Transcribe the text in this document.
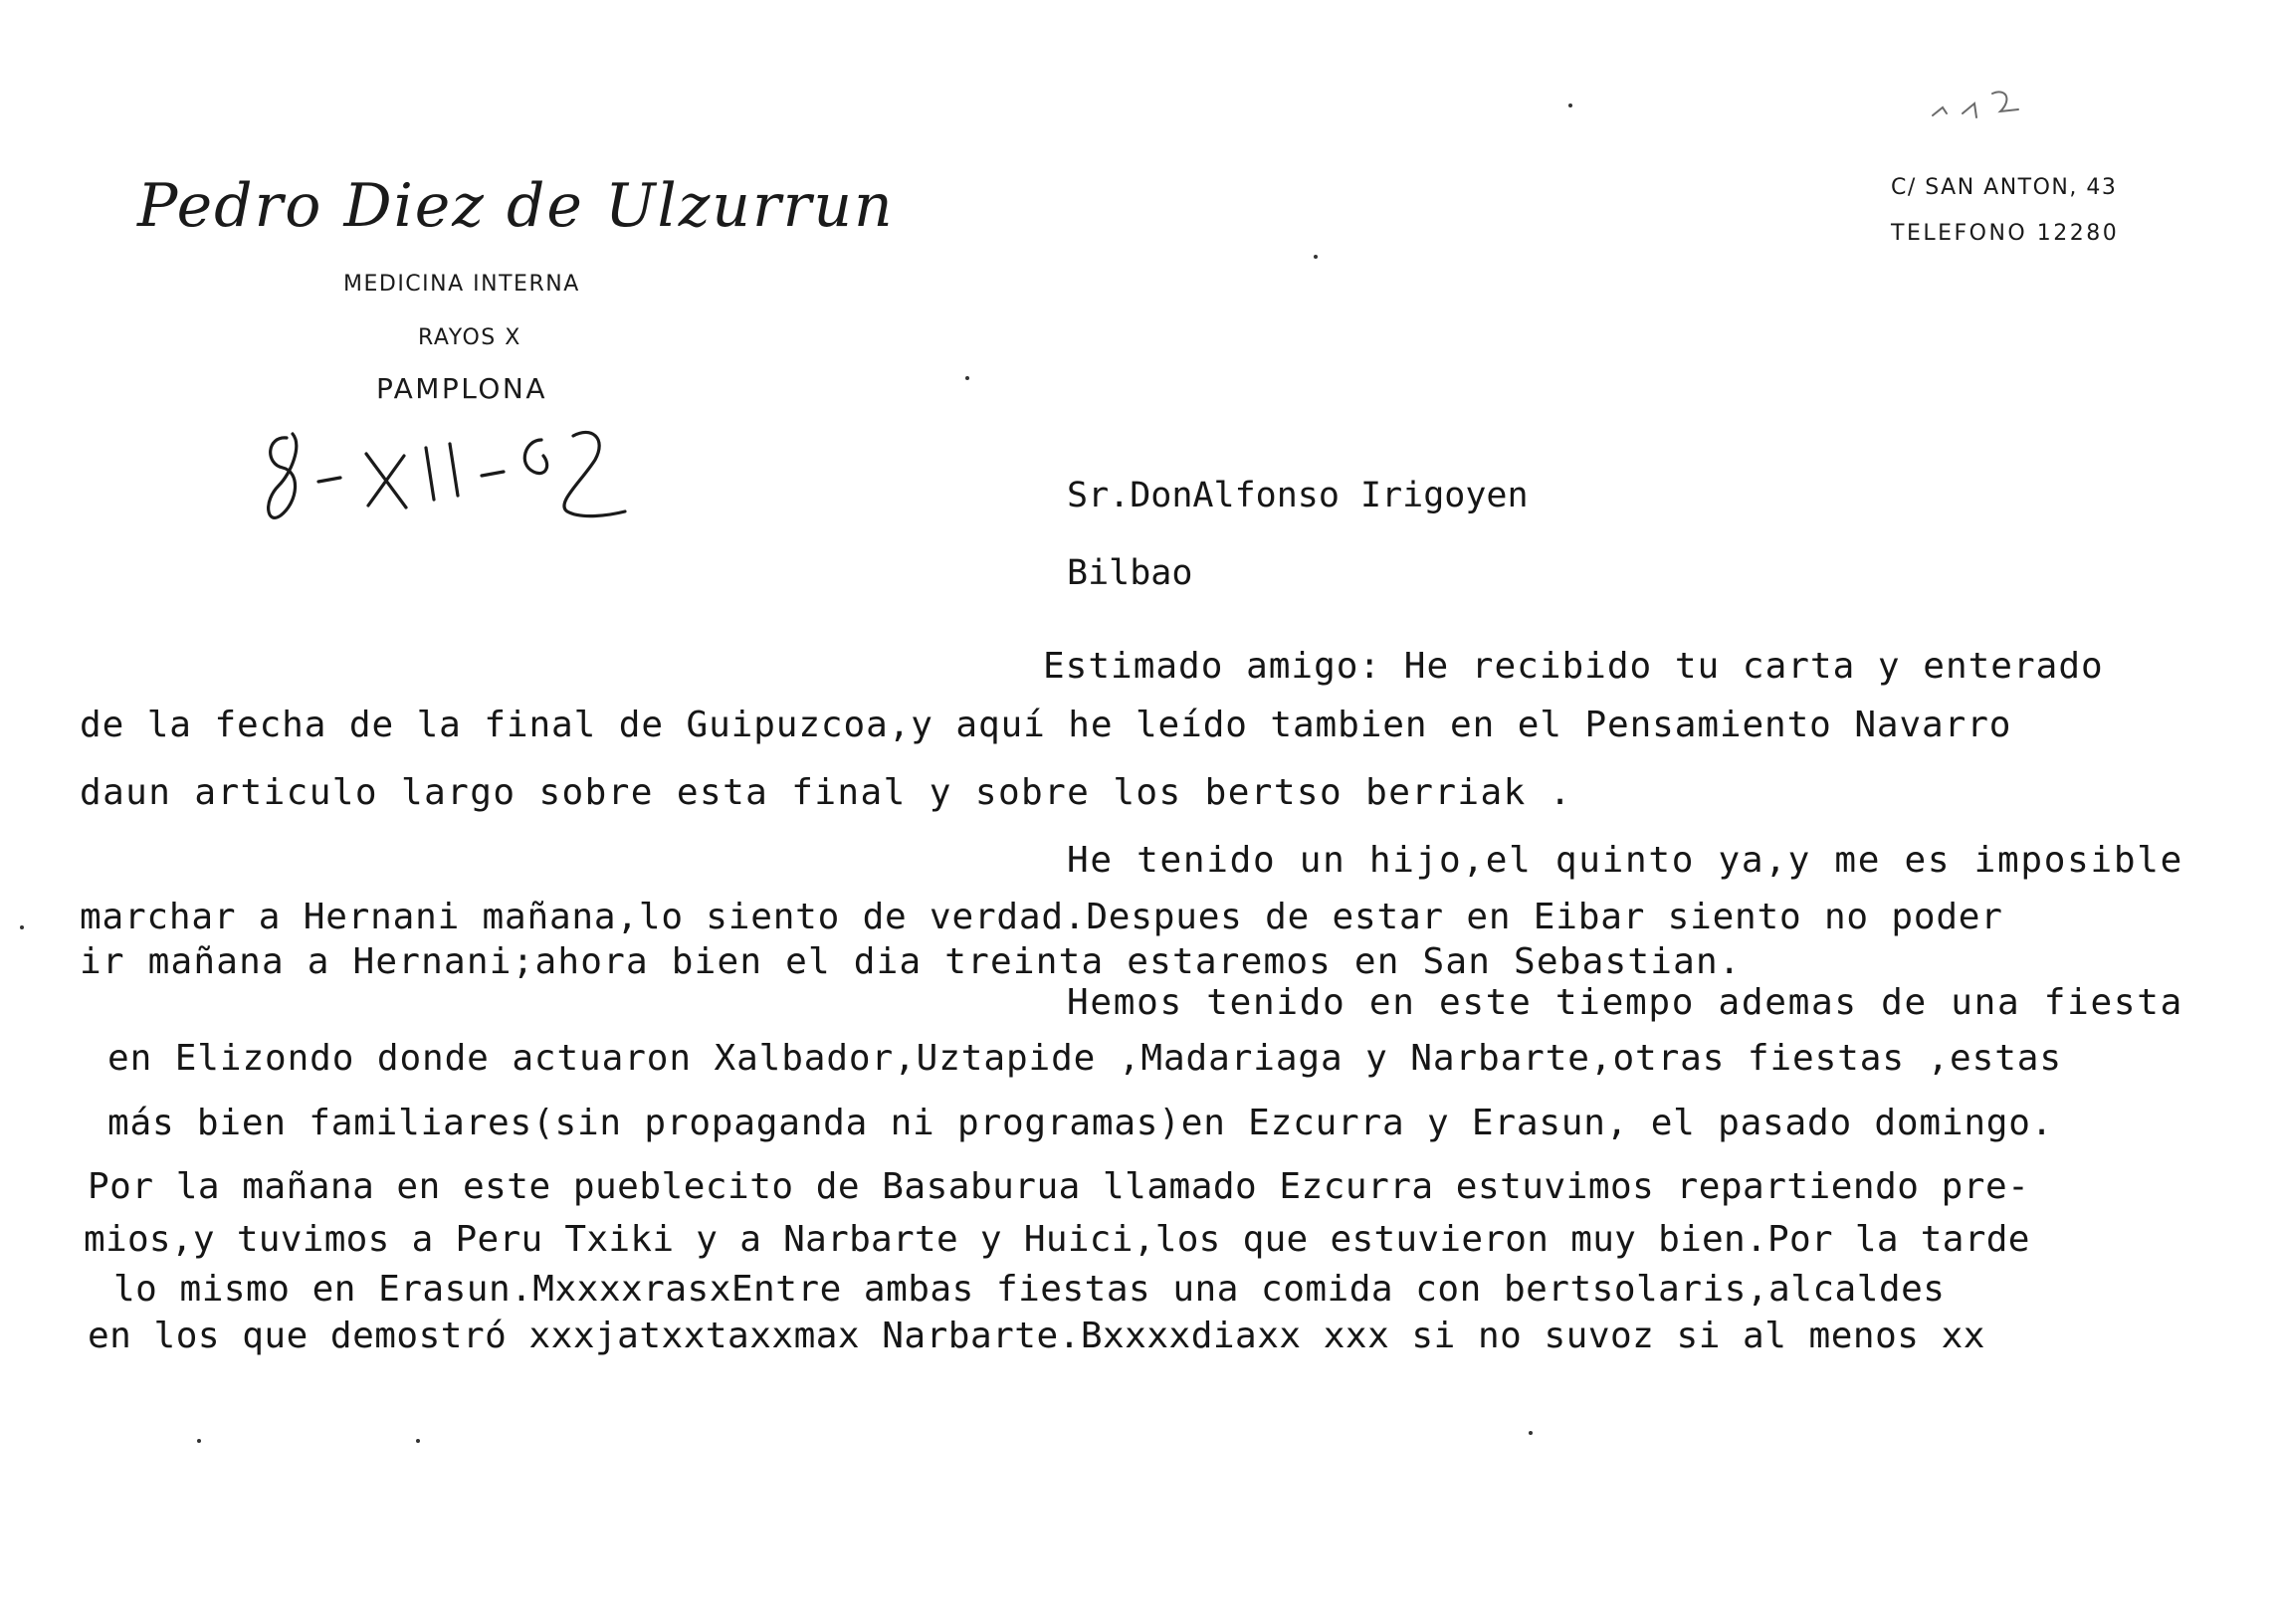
Pedro Diez de Ulzurrun
MEDICINA INTERNA
RAYOS X
PAMPLONA
C/ SAN ANTON, 43
TELEFONO 12280
Sr.DonAlfonso Irigoyen
Bilbao
Estimado amigo: He recibido tu carta y enterado
de la fecha de la final de Guipuzcoa,y aquí he leído tambien en el Pensamiento Navarro
daun articulo largo sobre esta final y sobre los bertso berriak .
He tenido un hijo,el quinto ya,y me es imposible
marchar a Hernani mañana,lo siento de verdad.Despues de estar en Eibar siento no poder
ir mañana a Hernani;ahora bien el dia treinta estaremos en San Sebastian.
Hemos tenido en este tiempo ademas de una fiesta
en Elizondo donde actuaron Xalbador,Uztapide ,Madariaga y Narbarte,otras fiestas ,estas
más bien familiares(sin propaganda ni programas)en Ezcurra y Erasun, el pasado domingo.
Por la mañana en este pueblecito de Basaburua llamado Ezcurra estuvimos repartiendo pre-
mios,y tuvimos a Peru Txiki y a Narbarte y Huici,los que estuvieron muy bien.Por la tarde
lo mismo en Erasun.MxxxxrasxEntre ambas fiestas una comida con bertsolaris,alcaldes
en los que demostró xxxjatxxtaxxmax Narbarte.Bxxxxdiaxx xxx si no suvoz si al menos xx
